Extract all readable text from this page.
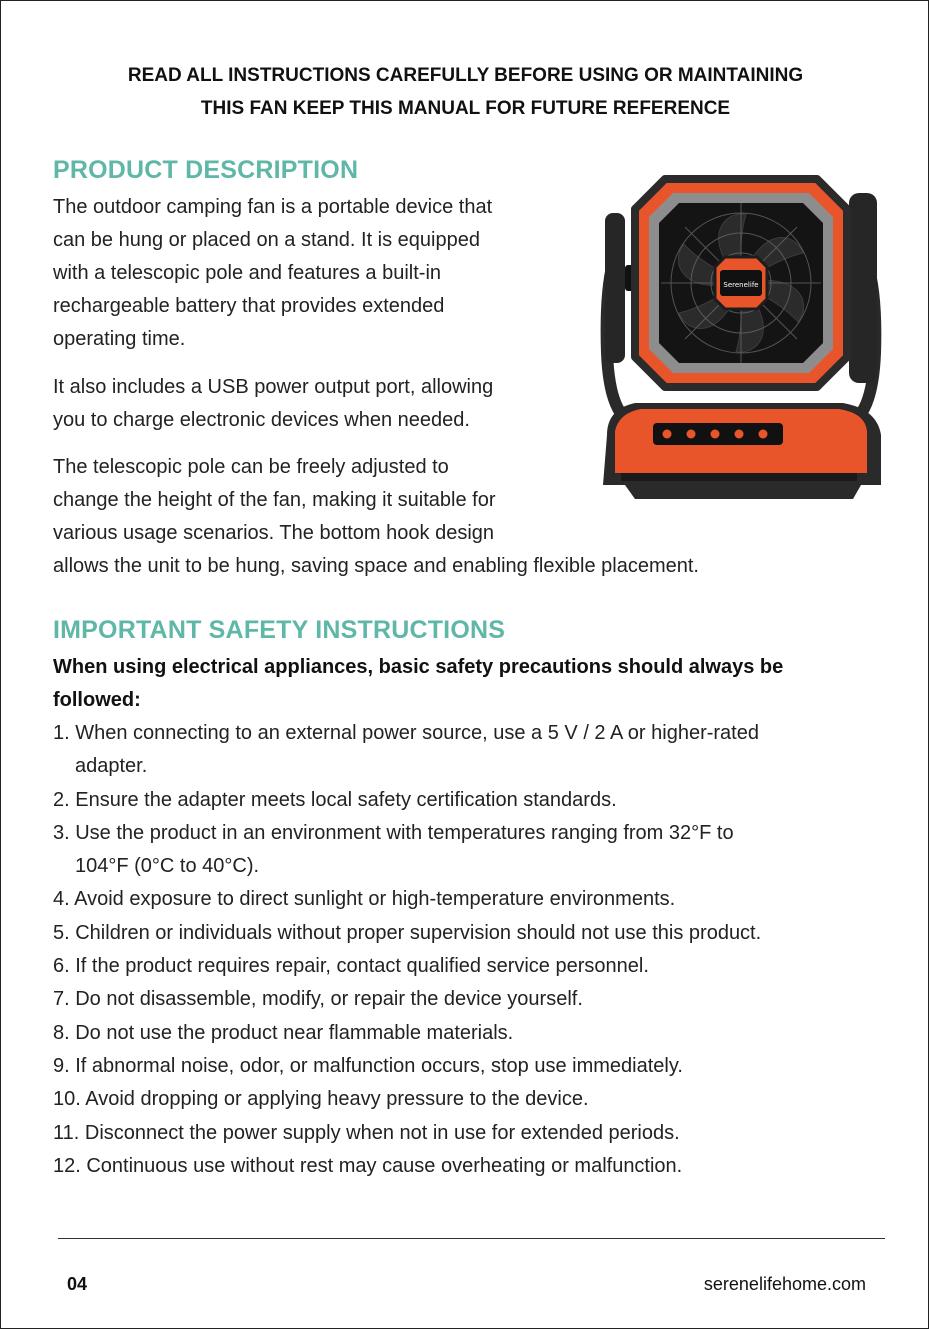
READ ALL INSTRUCTIONS CAREFULLY BEFORE USING OR MAINTAINING
THIS FAN KEEP THIS MANUAL FOR FUTURE REFERENCE
PRODUCT DESCRIPTION
The outdoor camping fan is a portable device that
can be hung or placed on a stand. It is equipped
with a telescopic pole and features a built-in
rechargeable battery that provides extended
operating time.
It also includes a USB power output port, allowing
you to charge electronic devices when needed.
The telescopic pole can be freely adjusted to
change the height of the fan, making it suitable for
various usage scenarios. The bottom hook design
allows the unit to be hung, saving space and enabling flexible placement.
Serenelife
IMPORTANT SAFETY INSTRUCTIONS
When using electrical appliances, basic safety precautions should always be
followed:
1. When connecting to an external power source, use a 5 V / 2 A or higher-rated
adapter.
2. Ensure the adapter meets local safety certification standards.
3. Use the product in an environment with temperatures ranging from 32°F to
104°F (0°C to 40°C).
4. Avoid exposure to direct sunlight or high-temperature environments.
5. Children or individuals without proper supervision should not use this product.
6. If the product requires repair, contact qualified service personnel.
7. Do not disassemble, modify, or repair the device yourself.
8. Do not use the product near flammable materials.
9. If abnormal noise, odor, or malfunction occurs, stop use immediately.
10. Avoid dropping or applying heavy pressure to the device.
11. Disconnect the power supply when not in use for extended periods.
12. Continuous use without rest may cause overheating or malfunction.
04	serenelifehome.com
